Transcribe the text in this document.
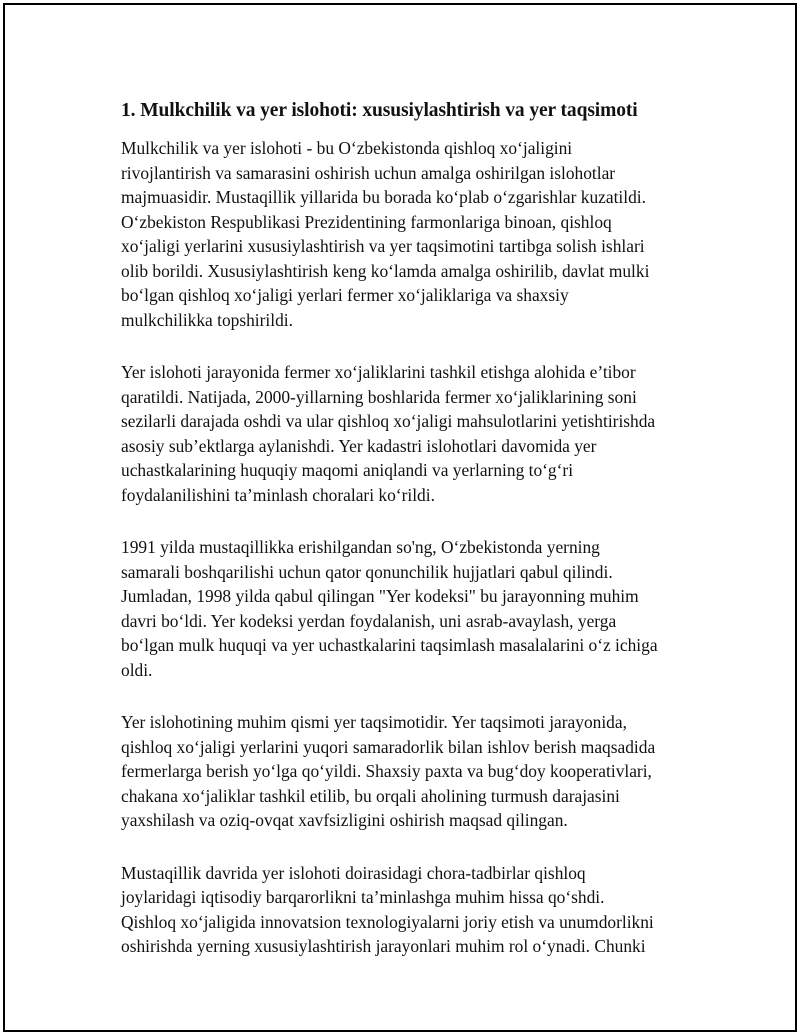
1. Mulkchilik va yer islohoti: xususiylashtirish va yer taqsimoti

Mulkchilik va yer islohoti - bu O‘zbekistonda qishloq xo‘jaligini
rivojlantirish va samarasini oshirish uchun amalga oshirilgan islohotlar
majmuasidir. Mustaqillik yillarida bu borada ko‘plab o‘zgarishlar kuzatildi.
O‘zbekiston Respublikasi Prezidentining farmonlariga binoan, qishloq
xo‘jaligi yerlarini xususiylashtirish va yer taqsimotini tartibga solish ishlari
olib borildi. Xususiylashtirish keng ko‘lamda amalga oshirilib, davlat mulki
bo‘lgan qishloq xo‘jaligi yerlari fermer xo‘jaliklariga va shaxsiy
mulkchilikka topshirildi.

Yer islohoti jarayonida fermer xo‘jaliklarini tashkil etishga alohida e’tibor
qaratildi. Natijada, 2000-yillarning boshlarida fermer xo‘jaliklarining soni
sezilarli darajada oshdi va ular qishloq xo‘jaligi mahsulotlarini yetishtirishda
asosiy sub’ektlarga aylanishdi. Yer kadastri islohotlari davomida yer
uchastkalarining huquqiy maqomi aniqlandi va yerlarning to‘g‘ri
foydalanilishini ta’minlash choralari ko‘rildi.

1991 yilda mustaqillikka erishilgandan so'ng, O‘zbekistonda yerning
samarali boshqarilishi uchun qator qonunchilik hujjatlari qabul qilindi.
Jumladan, 1998 yilda qabul qilingan "Yer kodeksi" bu jarayonning muhim
davri bo‘ldi. Yer kodeksi yerdan foydalanish, uni asrab-avaylash, yerga
bo‘lgan mulk huquqi va yer uchastkalarini taqsimlash masalalarini o‘z ichiga
oldi.

Yer islohotining muhim qismi yer taqsimotidir. Yer taqsimoti jarayonida,
qishloq xo‘jaligi yerlarini yuqori samaradorlik bilan ishlov berish maqsadida
fermerlarga berish yo‘lga qo‘yildi. Shaxsiy paxta va bug‘doy kooperativlari,
chakana xo‘jaliklar tashkil etilib, bu orqali aholining turmush darajasini
yaxshilash va oziq-ovqat xavfsizligini oshirish maqsad qilingan.

Mustaqillik davrida yer islohoti doirasidagi chora-tadbirlar qishloq
joylaridagi iqtisodiy barqarorlikni ta’minlashga muhim hissa qo‘shdi.
Qishloq xo‘jaligida innovatsion texnologiyalarni joriy etish va unumdorlikni
oshirishda yerning xususiylashtirish jarayonlari muhim rol o‘ynadi. Chunki
